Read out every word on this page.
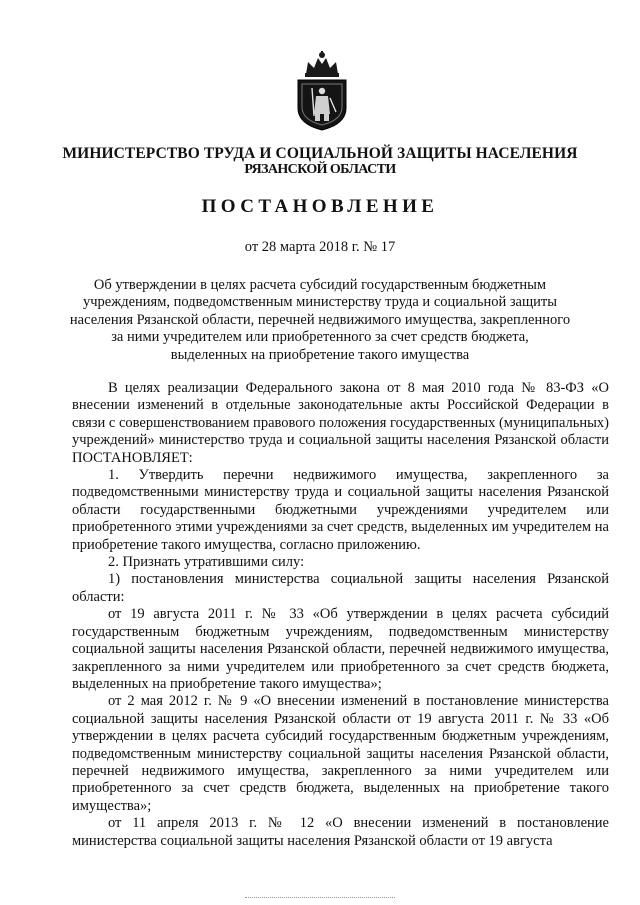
МИНИСТЕРСТВО ТРУДА И СОЦИАЛЬНОЙ ЗАЩИТЫ НАСЕЛЕНИЯ
РЯЗАНСКОЙ ОБЛАСТИ
ПОСТАНОВЛЕНИЕ
от 28 марта 2018 г. № 17
Об утверждении в целях расчета субсидий государственным бюджетным
учреждениям, подведомственным министерству труда и социальной защиты
населения Рязанской области, перечней недвижимого имущества, закрепленного
за ними учредителем или приобретенного за счет средств бюджета,
выделенных на приобретение такого имущества

В целях реализации Федерального закона от 8 мая 2010 года № 83-ФЗ «О внесении изменений в отдельные законодательные акты Российской Федерации в связи с совершенствованием правового положения государственных (муниципальных) учреждений» министерство труда и социальной защиты населения Рязанской области ПОСТАНОВЛЯЕТ:

1. Утвердить перечни недвижимого имущества, закрепленного за подведомственными министерству труда и социальной защиты населения Рязанской области государственными бюджетными учреждениями учредителем или приобретенного этими учреждениями за счет средств, выделенных им учредителем на приобретение такого имущества, согласно приложению.

2. Признать утратившими силу:

1) постановления министерства социальной защиты населения Рязанской области:

от 19 августа 2011 г. № 33 «Об утверждении в целях расчета субсидий государственным бюджетным учреждениям, подведомственным министерству социальной защиты населения Рязанской области, перечней недвижимого имущества, закрепленного за ними учредителем или приобретенного за счет средств бюджета, выделенных на приобретение такого имущества»;

от 2 мая 2012 г. № 9 «О внесении изменений в постановление министерства социальной защиты населения Рязанской области от 19 августа 2011 г. № 33 «Об утверждении в целях расчета субсидий государственным бюджетным учреждениям, подведомственным министерству социальной защиты населения Рязанской области, перечней недвижимого имущества, закрепленного за ними учредителем или приобретенного за счет средств бюджета, выделенных на приобретение такого имущества»;

от 11 апреля 2013 г. № 12 «О внесении изменений в постановление министерства социальной защиты населения Рязанской области от 19 августа
